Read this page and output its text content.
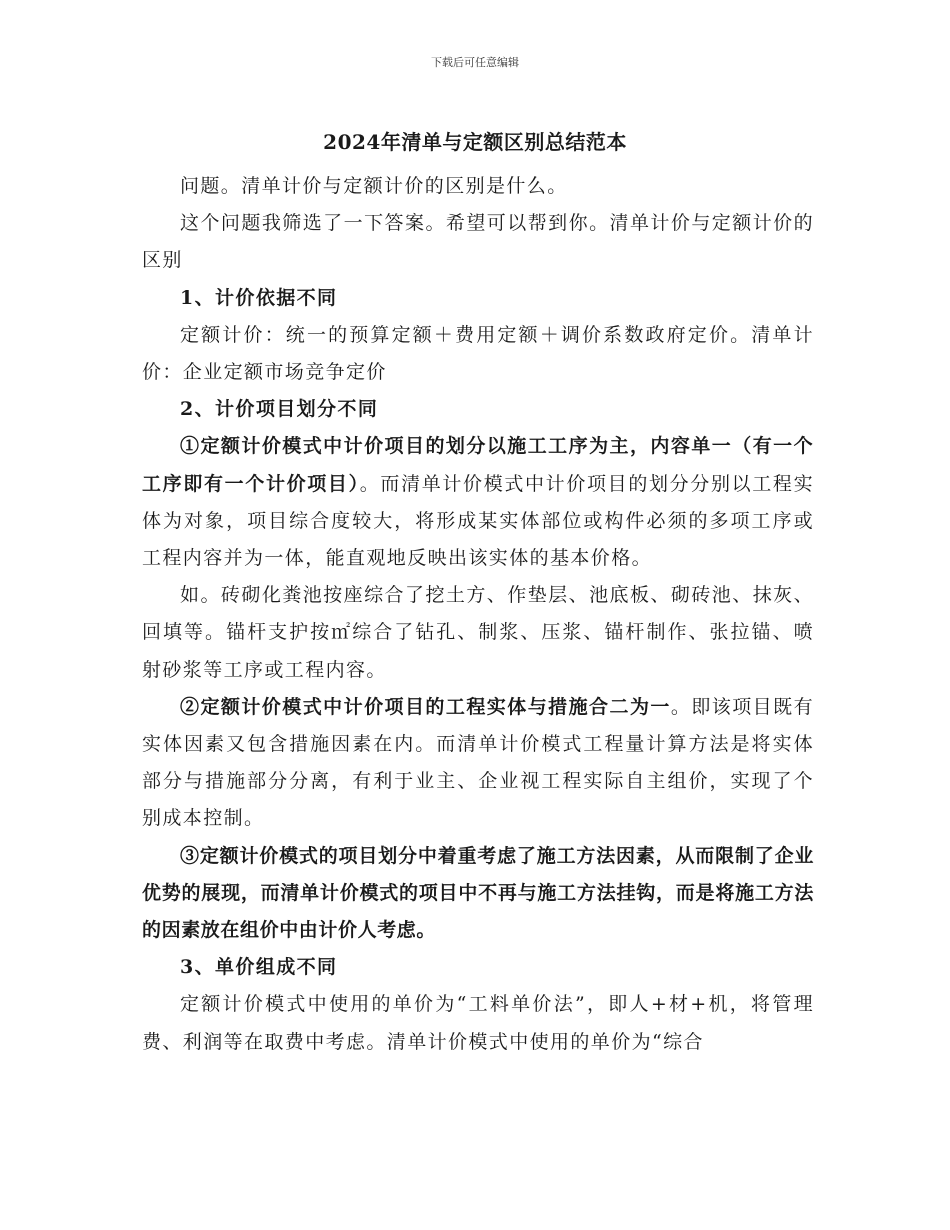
下载后可任意编辑
2024年清单与定额区别总结范本

问题。清单计价与定额计价的区别是什么。

这个问题我筛选了一下答案。希望可以帮到你。清单计价与定额计价的区别

1、计价依据不同

定额计价：统一的预算定额＋费用定额＋调价系数政府定价。清单计价：企业定额市场竞争定价

2、计价项目划分不同

①定额计价模式中计价项目的划分以施工工序为主，内容单一（有一个工序即有一个计价项目）。而清单计价模式中计价项目的划分分别以工程实体为对象，项目综合度较大，将形成某实体部位或构件必须的多项工序或工程内容并为一体，能直观地反映出该实体的基本价格。

如。砖砌化粪池按座综合了挖土方、作垫层、池底板、砌砖池、抹灰、回填等。锚杆支护按㎡综合了钻孔、制浆、压浆、锚杆制作、张拉锚、喷射砂浆等工序或工程内容。

②定额计价模式中计价项目的工程实体与措施合二为一。即该项目既有实体因素又包含措施因素在内。而清单计价模式工程量计算方法是将实体部分与措施部分分离，有利于业主、企业视工程实际自主组价，实现了个别成本控制。

③定额计价模式的项目划分中着重考虑了施工方法因素，从而限制了企业优势的展现，而清单计价模式的项目中不再与施工方法挂钩，而是将施工方法的因素放在组价中由计价人考虑。

3、单价组成不同

定额计价模式中使用的单价为“工料单价法”，即人+材+机，将管理费、利润等在取费中考虑。清单计价模式中使用的单价为“综合
